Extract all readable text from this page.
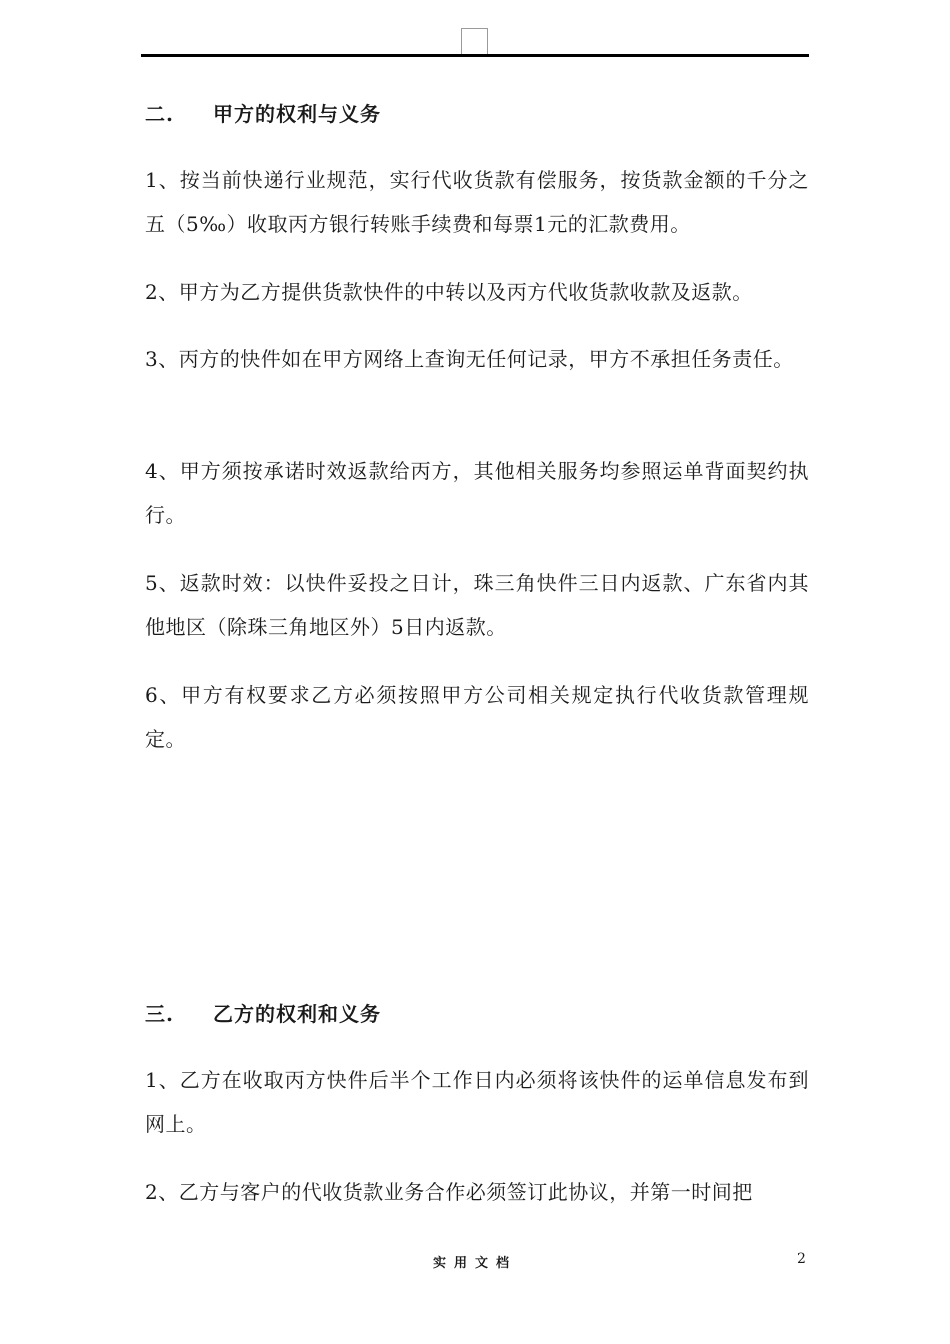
二. 甲方的权利与义务
1、按当前快递行业规范，实行代收货款有偿服务，按货款金额的千分之五（5‰）收取丙方银行转账手续费和每票1元的汇款费用。
2、甲方为乙方提供货款快件的中转以及丙方代收货款收款及返款。
3、丙方的快件如在甲方网络上查询无任何记录，甲方不承担任务责任。
4、甲方须按承诺时效返款给丙方，其他相关服务均参照运单背面契约执行。
5、返款时效：以快件妥投之日计，珠三角快件三日内返款、广东省内其他地区（除珠三角地区外）5日内返款。
6、甲方有权要求乙方必须按照甲方公司相关规定执行代收货款管理规定。
三. 乙方的权利和义务
1、乙方在收取丙方快件后半个工作日内必须将该快件的运单信息发布到网上。
2、乙方与客户的代收货款业务合作必须签订此协议，并第一时间把
实用文档	2
